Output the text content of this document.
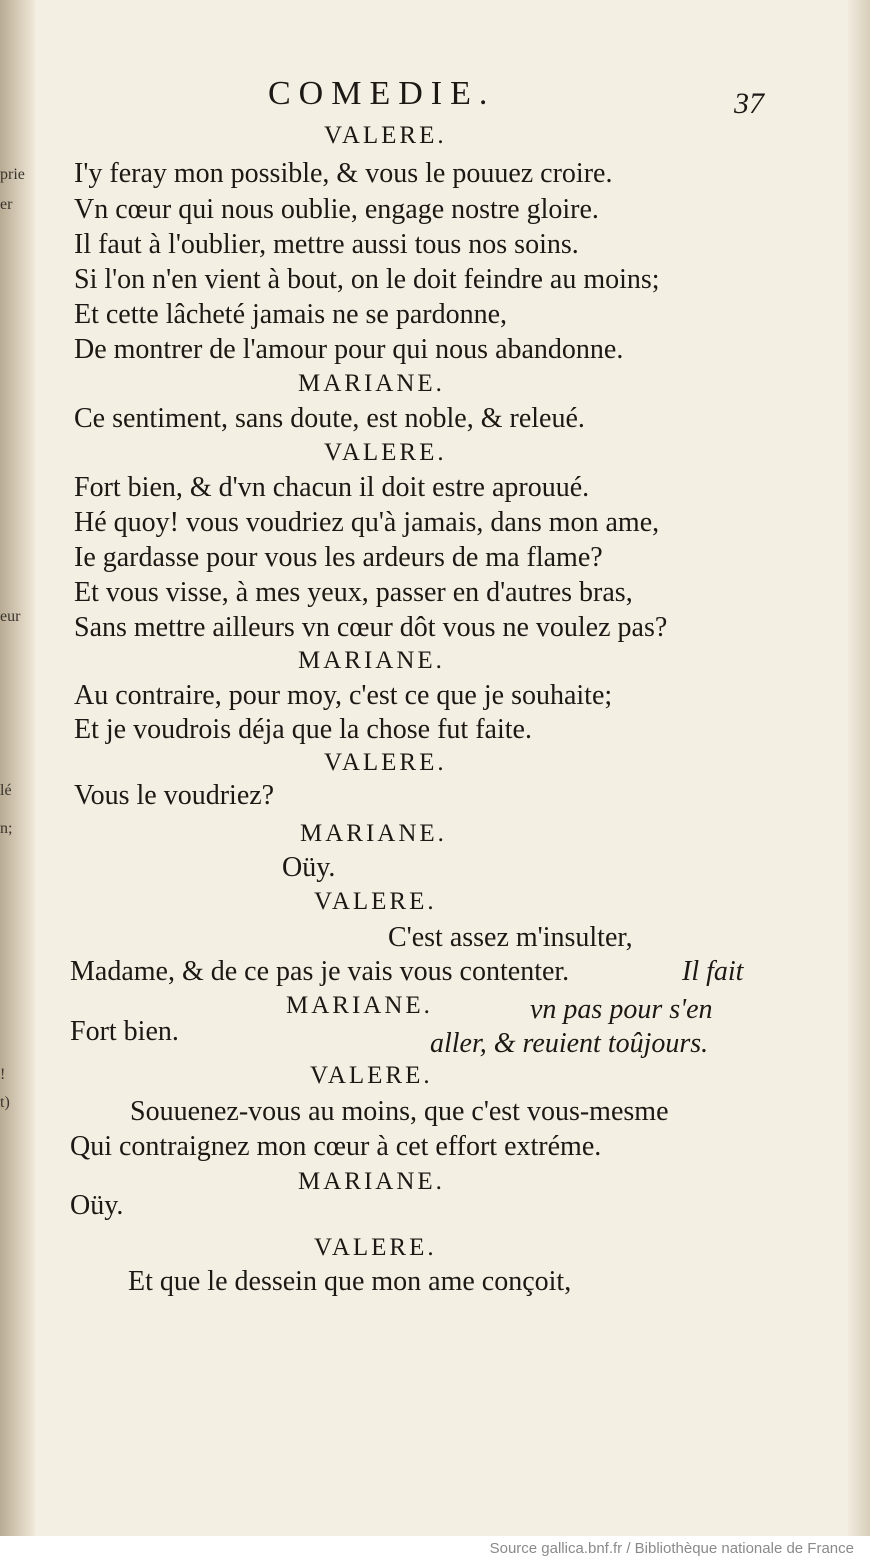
prie
er
eur
lé
n;
!
t)
COMEDIE.	37
VALERE.
I'y feray mon possible, & vous le pouuez croire.
Vn cœur qui nous oublie, engage nostre gloire.
Il faut à l'oublier, mettre aussi tous nos soins.
Si l'on n'en vient à bout, on le doit feindre au moins;
Et cette lâcheté jamais ne se pardonne,
De montrer de l'amour pour qui nous abandonne.
MARIANE.
Ce sentiment, sans doute, est noble, & releué.
VALERE.
Fort bien, & d'vn chacun il doit estre aprouué.
Hé quoy! vous voudriez qu'à jamais, dans mon ame,
Ie gardasse pour vous les ardeurs de ma flame?
Et vous visse, à mes yeux, passer en d'autres bras,
Sans mettre ailleurs vn cœur dôt vous ne voulez pas?
MARIANE.
Au contraire, pour moy, c'est ce que je souhaite;
Et je voudrois déja que la chose fut faite.
VALERE.
Vous le voudriez?
MARIANE.
Oüy.
VALERE.
C'est assez m'insulter,
Madame, & de ce pas je vais vous contenter.	Il fait
MARIANE.	vn pas pour s'en
Fort bien.	aller, & reuient toûjours.
VALERE.
Souuenez-vous au moins, que c'est vous-mesme
Qui contraignez mon cœur à cet effort extréme.
MARIANE.
Oüy.
VALERE.
Et que le dessein que mon ame conçoit,
Source gallica.bnf.fr / Bibliothèque nationale de France
